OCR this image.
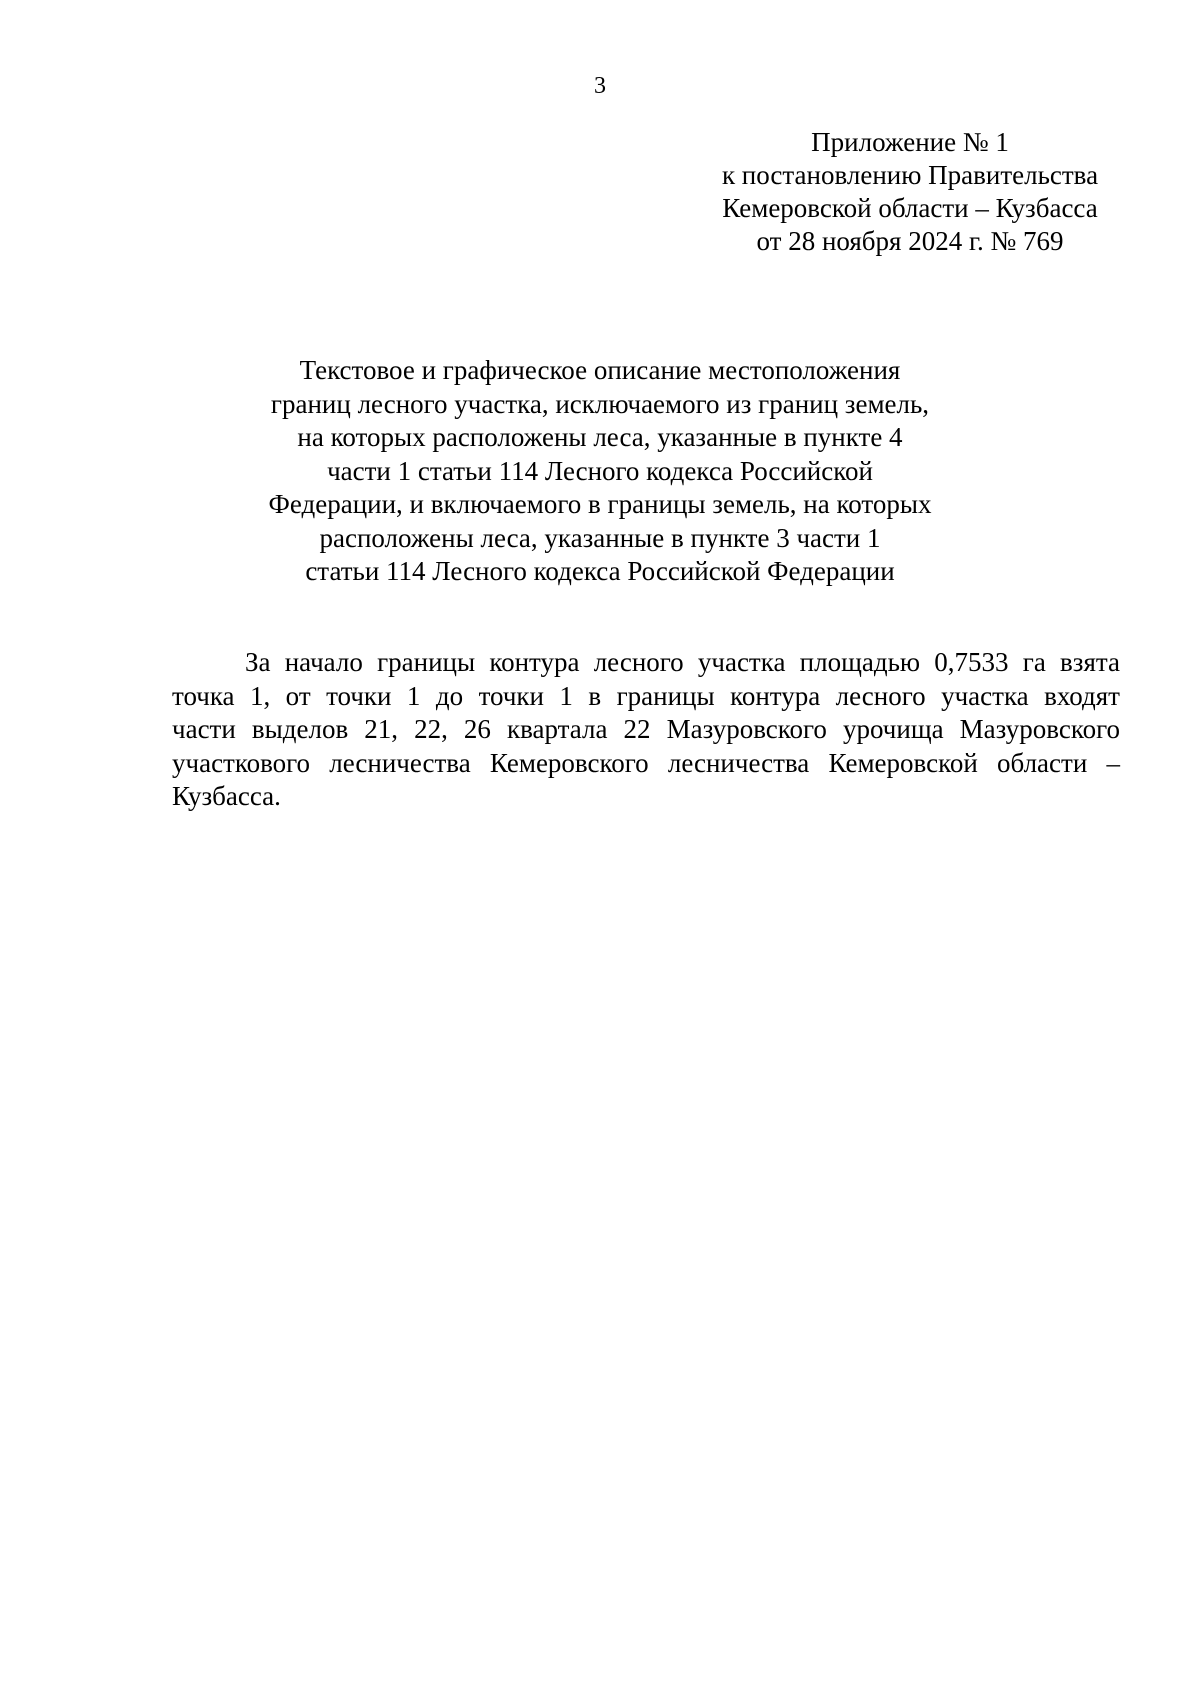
3
Приложение № 1
к постановлению Правительства
Кемеровской области – Кузбасса
от 28 ноября 2024 г. № 769
Текстовое и графическое описание местоположения
границ лесного участка, исключаемого из границ земель,
на которых расположены леса, указанные в пункте 4
части 1 статьи 114 Лесного кодекса Российской
Федерации, и включаемого в границы земель, на которых
расположены леса, указанные в пункте 3 части 1
статьи 114 Лесного кодекса Российской Федерации
За начало границы контура лесного участка площадью 0,7533 га взята
точка 1, от точки 1 до точки 1 в границы контура лесного участка входят
части выделов 21, 22, 26 квартала 22 Мазуровского урочища Мазуровского
участкового лесничества Кемеровского лесничества Кемеровской области –
Кузбасса.
